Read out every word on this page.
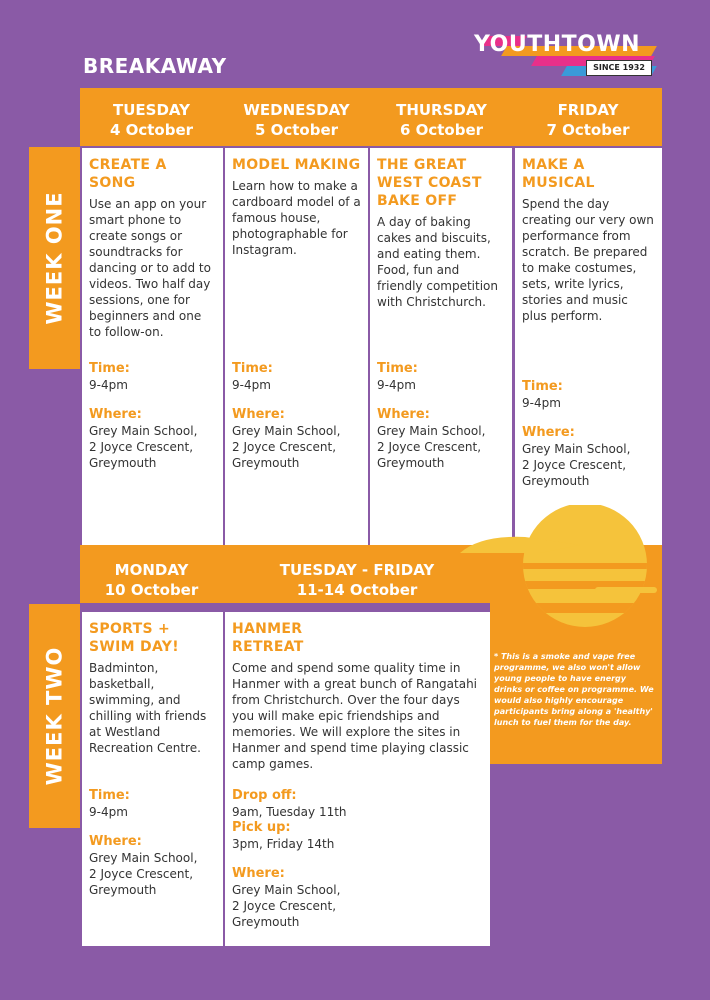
BREAKAWAY
YOUTHTOWN
SINCE 1932
TUESDAY
4 October
WEDNESDAY
5 October
THURSDAY
6 October
FRIDAY
7 October
WEEK ONE
CREATE A SONG
Use an app on your smart phone to create songs or soundtracks for dancing or to add to videos. Two half day sessions, one for beginners and one to follow-on.
Time:
9-4pm
Where:
Grey Main School,
2 Joyce Crescent,
Greymouth
MODEL MAKING
Learn how to make a cardboard model of a famous house, photographable for Instagram.
Time:
9-4pm
Where:
Grey Main School,
2 Joyce Crescent,
Greymouth
THE GREAT WEST COAST BAKE OFF
A day of baking cakes and biscuits, and eating them. Food, fun and friendly competition with Christchurch.
Time:
9-4pm
Where:
Grey Main School,
2 Joyce Crescent,
Greymouth
MAKE A MUSICAL
Spend the day creating our very own performance from scratch. Be prepared to make costumes, sets, write lyrics, stories and music plus perform.
Time:
9-4pm
Where:
Grey Main School,
2 Joyce Crescent,
Greymouth
MONDAY
10 October
TUESDAY - FRIDAY
11-14 October
WEEK TWO
SPORTS + SWIM DAY!
Badminton, basketball, swimming, and chilling with friends at Westland Recreation Centre.
Time:
9-4pm
Where:
Grey Main School,
2 Joyce Crescent,
Greymouth
HANMER RETREAT
Come and spend some quality time in Hanmer with a great bunch of Rangatahi from Christchurch. Over the four days you will make epic friendships and memories. We will explore the sites in Hanmer and spend time playing classic camp games.
Drop off:
9am, Tuesday 11th
Pick up:
3pm, Friday 14th
Where:
Grey Main School,
2 Joyce Crescent,
Greymouth
* This is a smoke and vape free programme, we also won't allow young people to have energy drinks or coffee on programme. We would also highly encourage participants bring along a 'healthy' lunch to fuel them for the day.
